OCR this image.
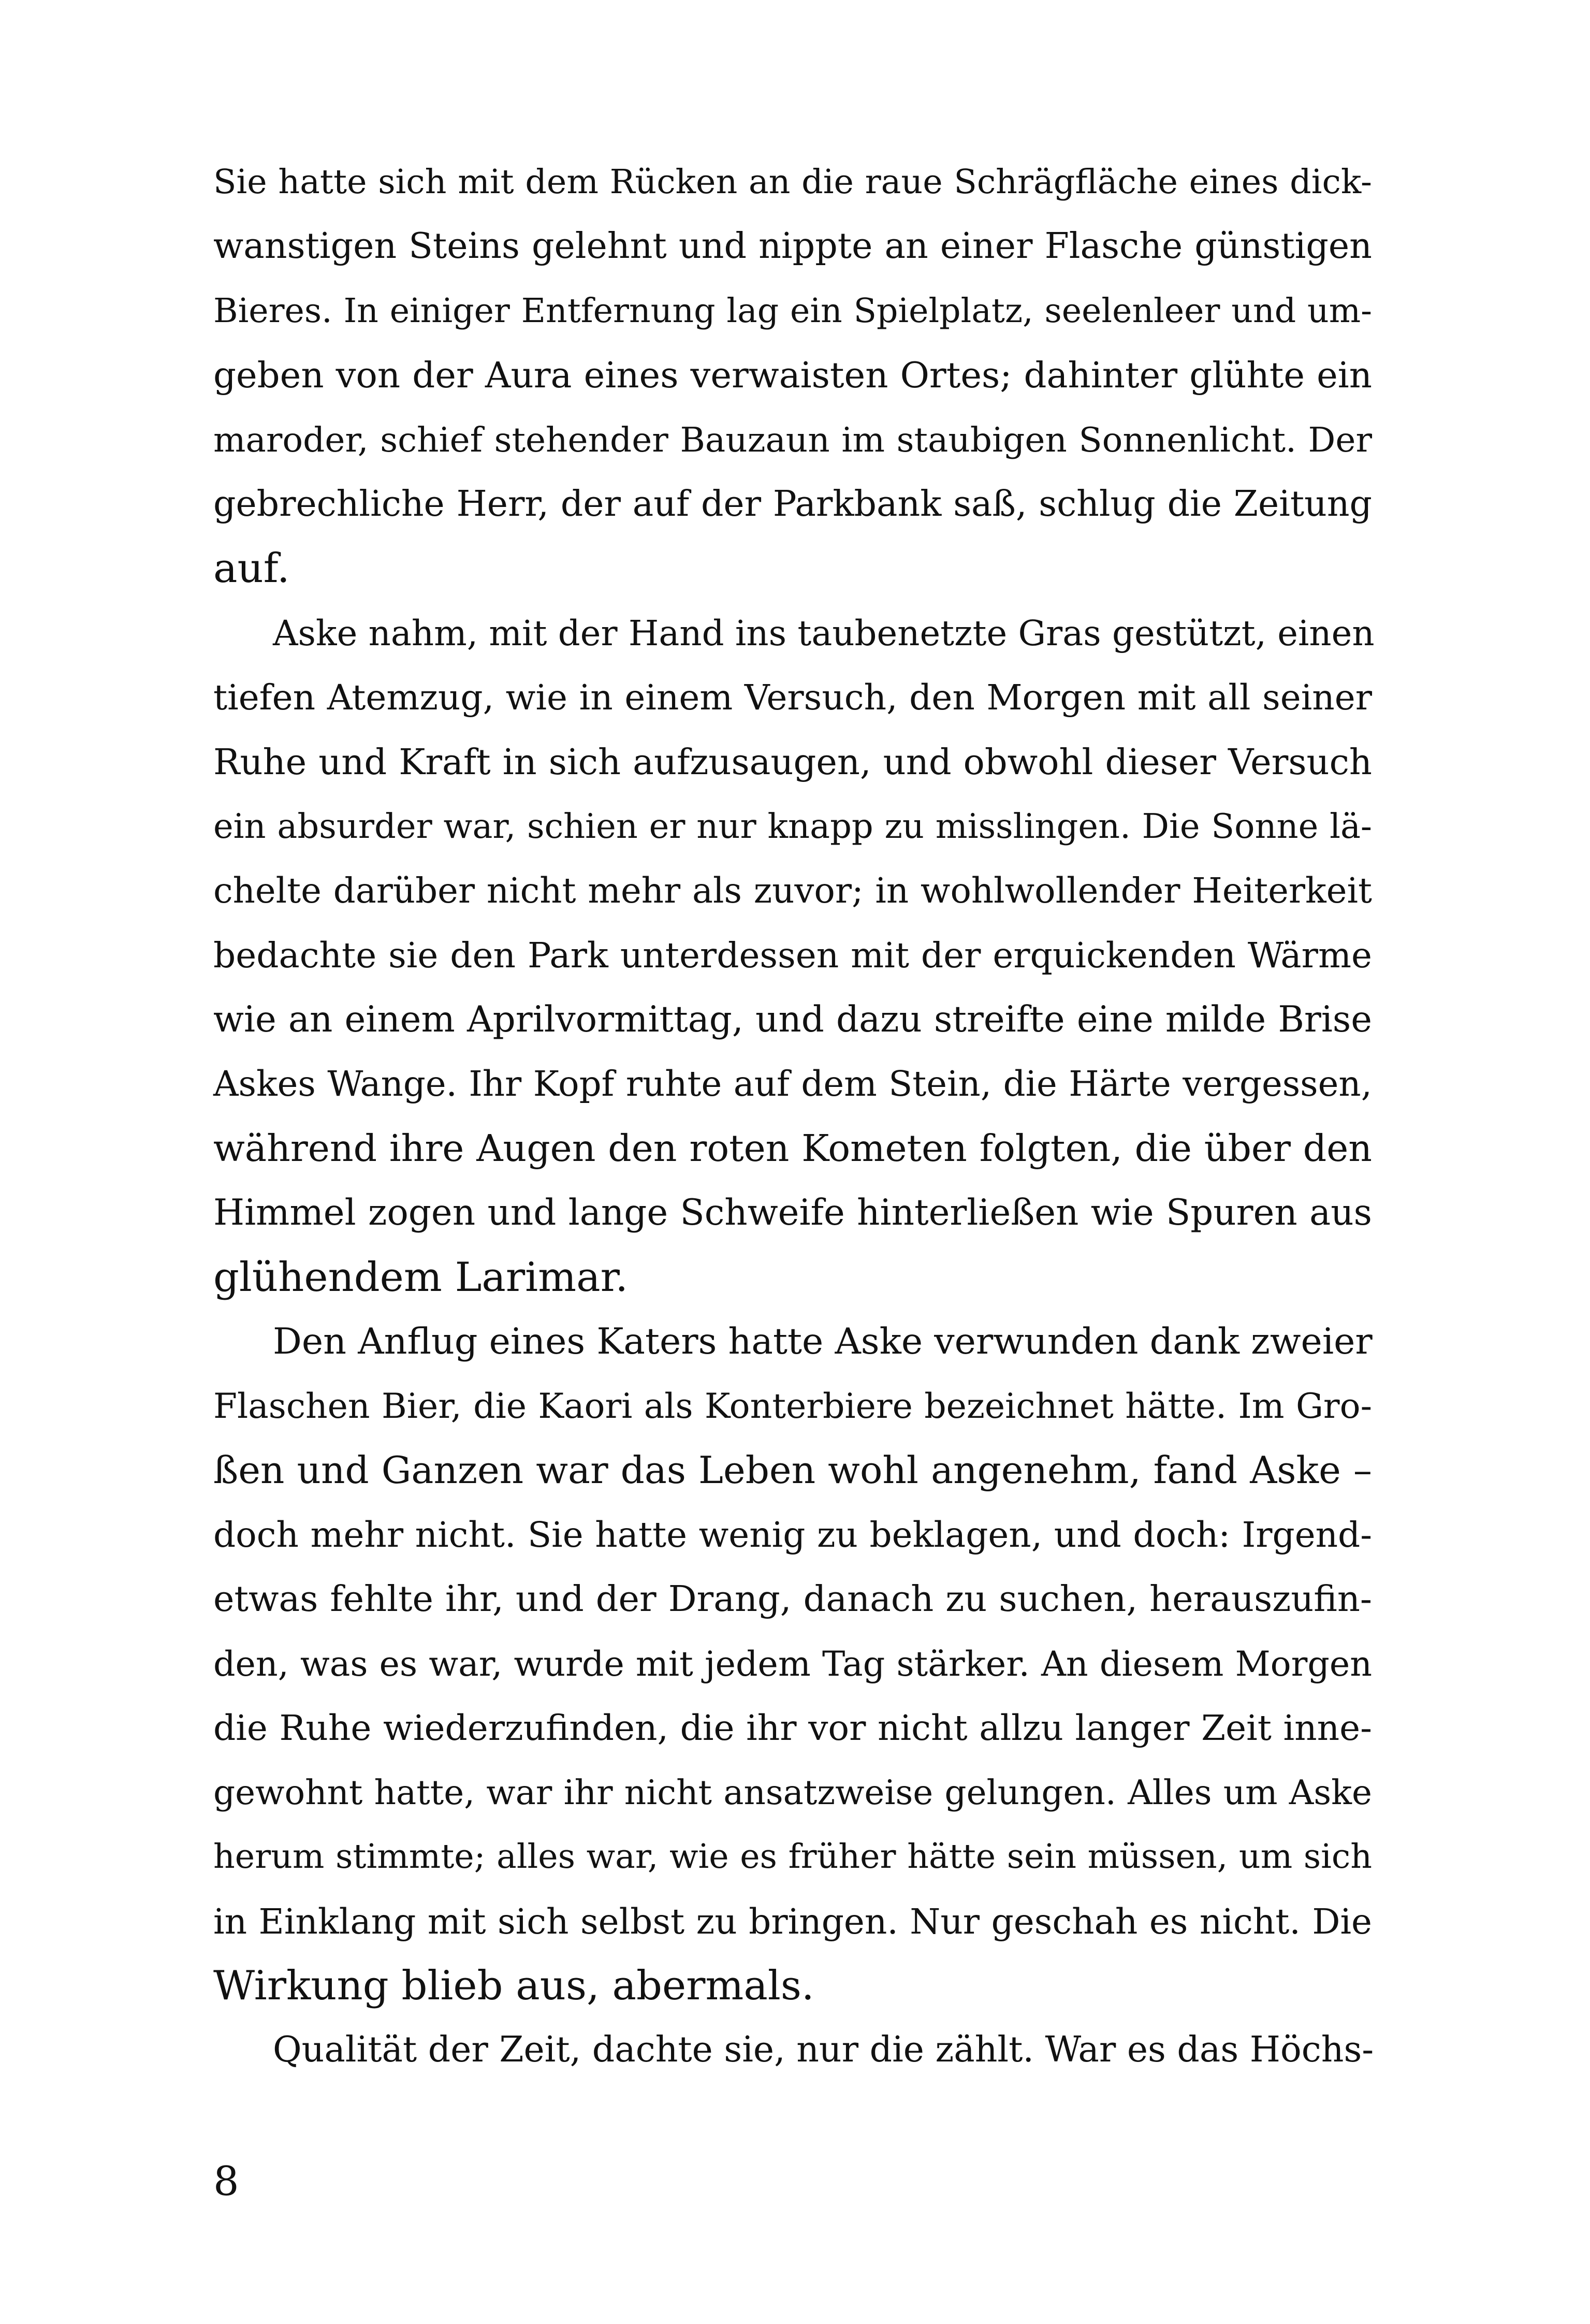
Sie hatte sich mit dem Rücken an die raue Schrägfläche eines dick-
wanstigen Steins gelehnt und nippte an einer Flasche günstigen
Bieres. In einiger Entfernung lag ein Spielplatz, seelenleer und um-
geben von der Aura eines verwaisten Ortes; dahinter glühte ein
maroder, schief stehender Bauzaun im staubigen Sonnenlicht. Der
gebrechliche Herr, der auf der Parkbank saß, schlug die Zeitung
auf.
Aske nahm, mit der Hand ins taubenetzte Gras gestützt, einen
tiefen Atemzug, wie in einem Versuch, den Morgen mit all seiner
Ruhe und Kraft in sich aufzusaugen, und obwohl dieser Versuch
ein absurder war, schien er nur knapp zu misslingen. Die Sonne lä-
chelte darüber nicht mehr als zuvor; in wohlwollender Heiterkeit
bedachte sie den Park unterdessen mit der erquickenden Wärme
wie an einem Aprilvormittag, und dazu streifte eine milde Brise
Askes Wange. Ihr Kopf ruhte auf dem Stein, die Härte vergessen,
während ihre Augen den roten Kometen folgten, die über den
Himmel zogen und lange Schweife hinterließen wie Spuren aus
glühendem Larimar.
Den Anflug eines Katers hatte Aske verwunden dank zweier
Flaschen Bier, die Kaori als Konterbiere bezeichnet hätte. Im Gro-
ßen und Ganzen war das Leben wohl angenehm, fand Aske –
doch mehr nicht. Sie hatte wenig zu beklagen, und doch: Irgend-
etwas fehlte ihr, und der Drang, danach zu suchen, herauszufin-
den, was es war, wurde mit jedem Tag stärker. An diesem Morgen
die Ruhe wiederzufinden, die ihr vor nicht allzu langer Zeit inne-
gewohnt hatte, war ihr nicht ansatzweise gelungen. Alles um Aske
herum stimmte; alles war, wie es früher hätte sein müssen, um sich
in Einklang mit sich selbst zu bringen. Nur geschah es nicht. Die
Wirkung blieb aus, abermals.
Qualität der Zeit, dachte sie, nur die zählt. War es das Höchs-
8
